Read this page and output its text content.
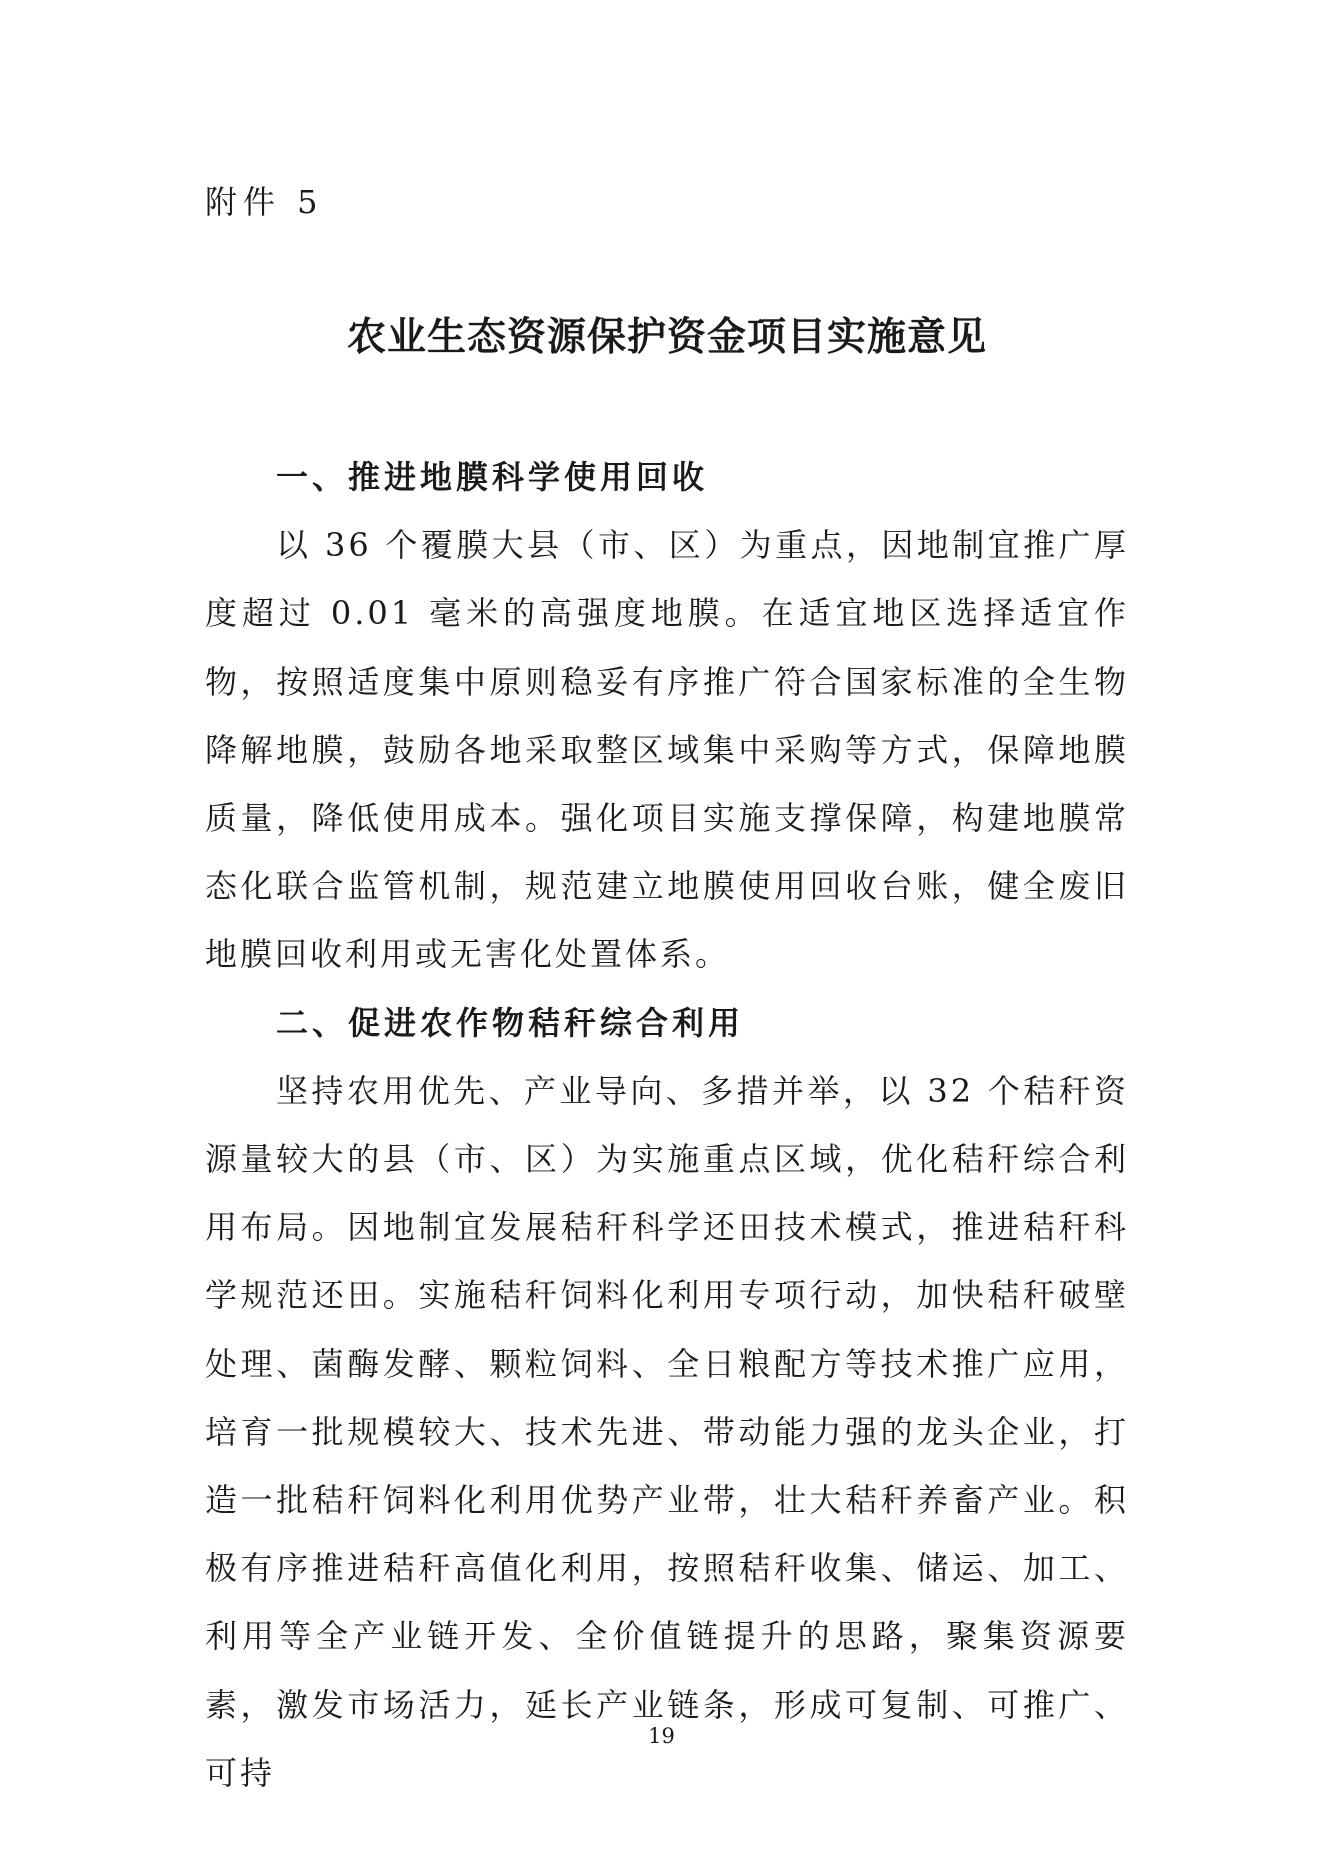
附件 5

农业生态资源保护资金项目实施意见
一、推进地膜科学使用回收

以 36 个覆膜大县（市、区）为重点，因地制宜推广厚度超过 0.01 毫米的高强度地膜。在适宜地区选择适宜作物，按照适度集中原则稳妥有序推广符合国家标准的全生物降解地膜，鼓励各地采取整区域集中采购等方式，保障地膜质量，降低使用成本。强化项目实施支撑保障，构建地膜常态化联合监管机制，规范建立地膜使用回收台账，健全废旧地膜回收利用或无害化处置体系。

二、促进农作物秸秆综合利用

坚持农用优先、产业导向、多措并举，以 32 个秸秆资源量较大的县（市、区）为实施重点区域，优化秸秆综合利用布局。因地制宜发展秸秆科学还田技术模式，推进秸秆科学规范还田。实施秸秆饲料化利用专项行动，加快秸秆破壁处理、菌酶发酵、颗粒饲料、全日粮配方等技术推广应用，培育一批规模较大、技术先进、带动能力强的龙头企业，打造一批秸秆饲料化利用优势产业带，壮大秸秆养畜产业。积极有序推进秸秆高值化利用，按照秸秆收集、储运、加工、利用等全产业链开发、全价值链提升的思路，聚集资源要素，激发市场活力，延长产业链条，形成可复制、可推广、可持

19
